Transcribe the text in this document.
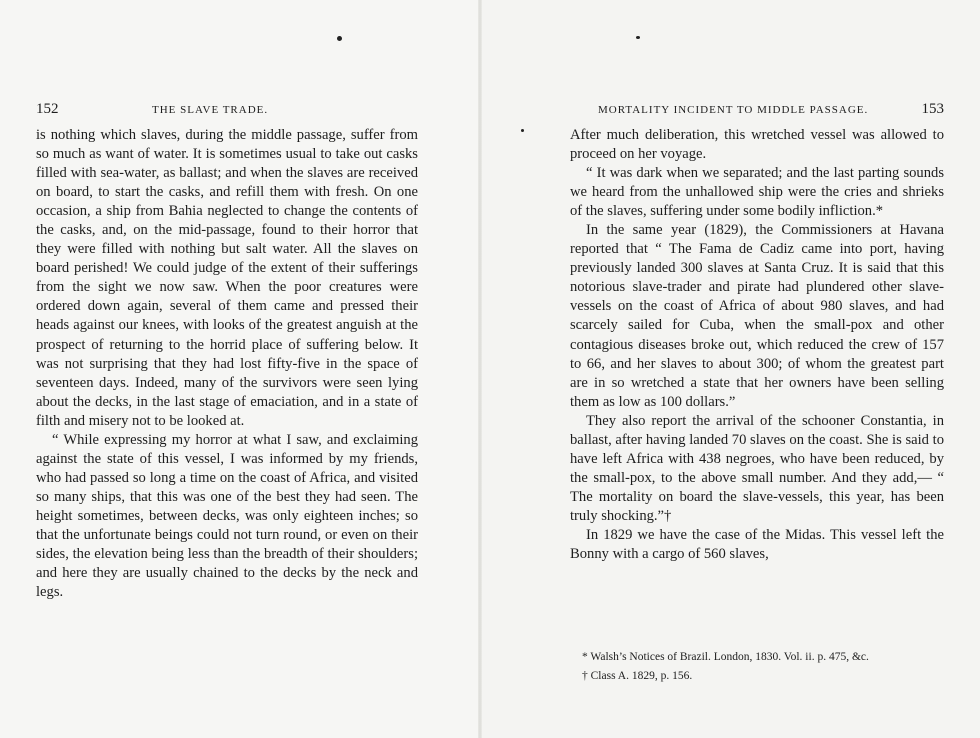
152	THE SLAVE TRADE.

is nothing which slaves, during the middle passage, suffer from so much as want of water. It is sometimes usual to take out casks filled with sea-water, as ballast; and when the slaves are received on board, to start the casks, and refill them with fresh. On one occasion, a ship from Bahia neglected to change the contents of the casks, and, on the mid-passage, found to their horror that they were filled with nothing but salt water. All the slaves on board perished! We could judge of the extent of their sufferings from the sight we now saw. When the poor creatures were ordered down again, several of them came and pressed their heads against our knees, with looks of the greatest anguish at the prospect of returning to the horrid place of suffering below. It was not surprising that they had lost fifty-five in the space of seventeen days. Indeed, many of the survivors were seen lying about the decks, in the last stage of emaciation, and in a state of filth and misery not to be looked at.

“ While expressing my horror at what I saw, and exclaiming against the state of this vessel, I was informed by my friends, who had passed so long a time on the coast of Africa, and visited so many ships, that this was one of the best they had seen. The height sometimes, between decks, was only eighteen inches; so that the unfortunate beings could not turn round, or even on their sides, the elevation being less than the breadth of their shoulders; and here they are usually chained to the decks by the neck and legs.

MORTALITY INCIDENT TO MIDDLE PASSAGE.	153

After much deliberation, this wretched vessel was allowed to proceed on her voyage.

“ It was dark when we separated; and the last parting sounds we heard from the unhallowed ship were the cries and shrieks of the slaves, suffering under some bodily infliction.*

In the same year (1829), the Commissioners at Havana reported that “ The Fama de Cadiz came into port, having previously landed 300 slaves at Santa Cruz. It is said that this notorious slave-trader and pirate had plundered other slave-vessels on the coast of Africa of about 980 slaves, and had scarcely sailed for Cuba, when the small-pox and other contagious diseases broke out, which reduced the crew of 157 to 66, and her slaves to about 300; of whom the greatest part are in so wretched a state that her owners have been selling them as low as 100 dollars.”

They also report the arrival of the schooner Constantia, in ballast, after having landed 70 slaves on the coast. She is said to have left Africa with 438 negroes, who have been reduced, by the small-pox, to the above small number. And they add,— “ The mortality on board the slave-vessels, this year, has been truly shocking.”†

In 1829 we have the case of the Midas. This vessel left the Bonny with a cargo of 560 slaves,

* Walsh’s Notices of Brazil. London, 1830. Vol. ii. p. 475, &c.

† Class A. 1829, p. 156.
